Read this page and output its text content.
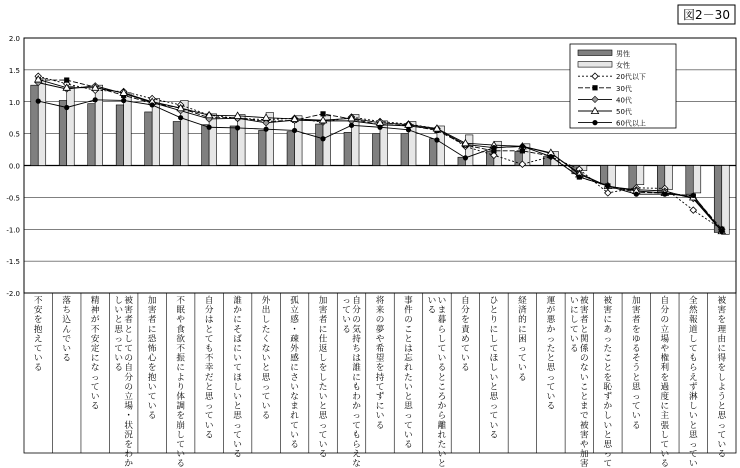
2.0
1.5
1.0
0.5
0.0
-0.5
-1.0
-1.5
-2.0
男性
女性
20代以下
30代
40代
50代
60代以上
不安を抱えている
落ち込んでいる
精神が不安定になっている
被害者としての自分の立場・状況をわかしいと思っている
加害者に恐怖心を抱いている
不眠や食欲不振により体調を崩している
自分はとても不幸だと思っている
誰かにそばにいてほしいと思っている
外出したくないと思っている
孤立感・疎外感にさいなまれている
加害者に仕返しをしたいと思っている
自分の気持ちは誰にもわかってもらえなっている
将来の夢や希望を持てずにいる
事件のことは忘れたいと思っている
いま暮らしているところから離れたいといる
自分を責めている
ひとりにしてほしいと思っている
経済的に困っている
運が悪かったと思っている
被害者と関係のないことまで被害や加害いにしている
被害にあったことを恥ずかしいと思って
加害者をゆるそうと思っている
自分の立場や権利を過度に主張している
全然報道してもらえず淋しいと思ってい
被害を理由に得をしようと思っている
図2－30
